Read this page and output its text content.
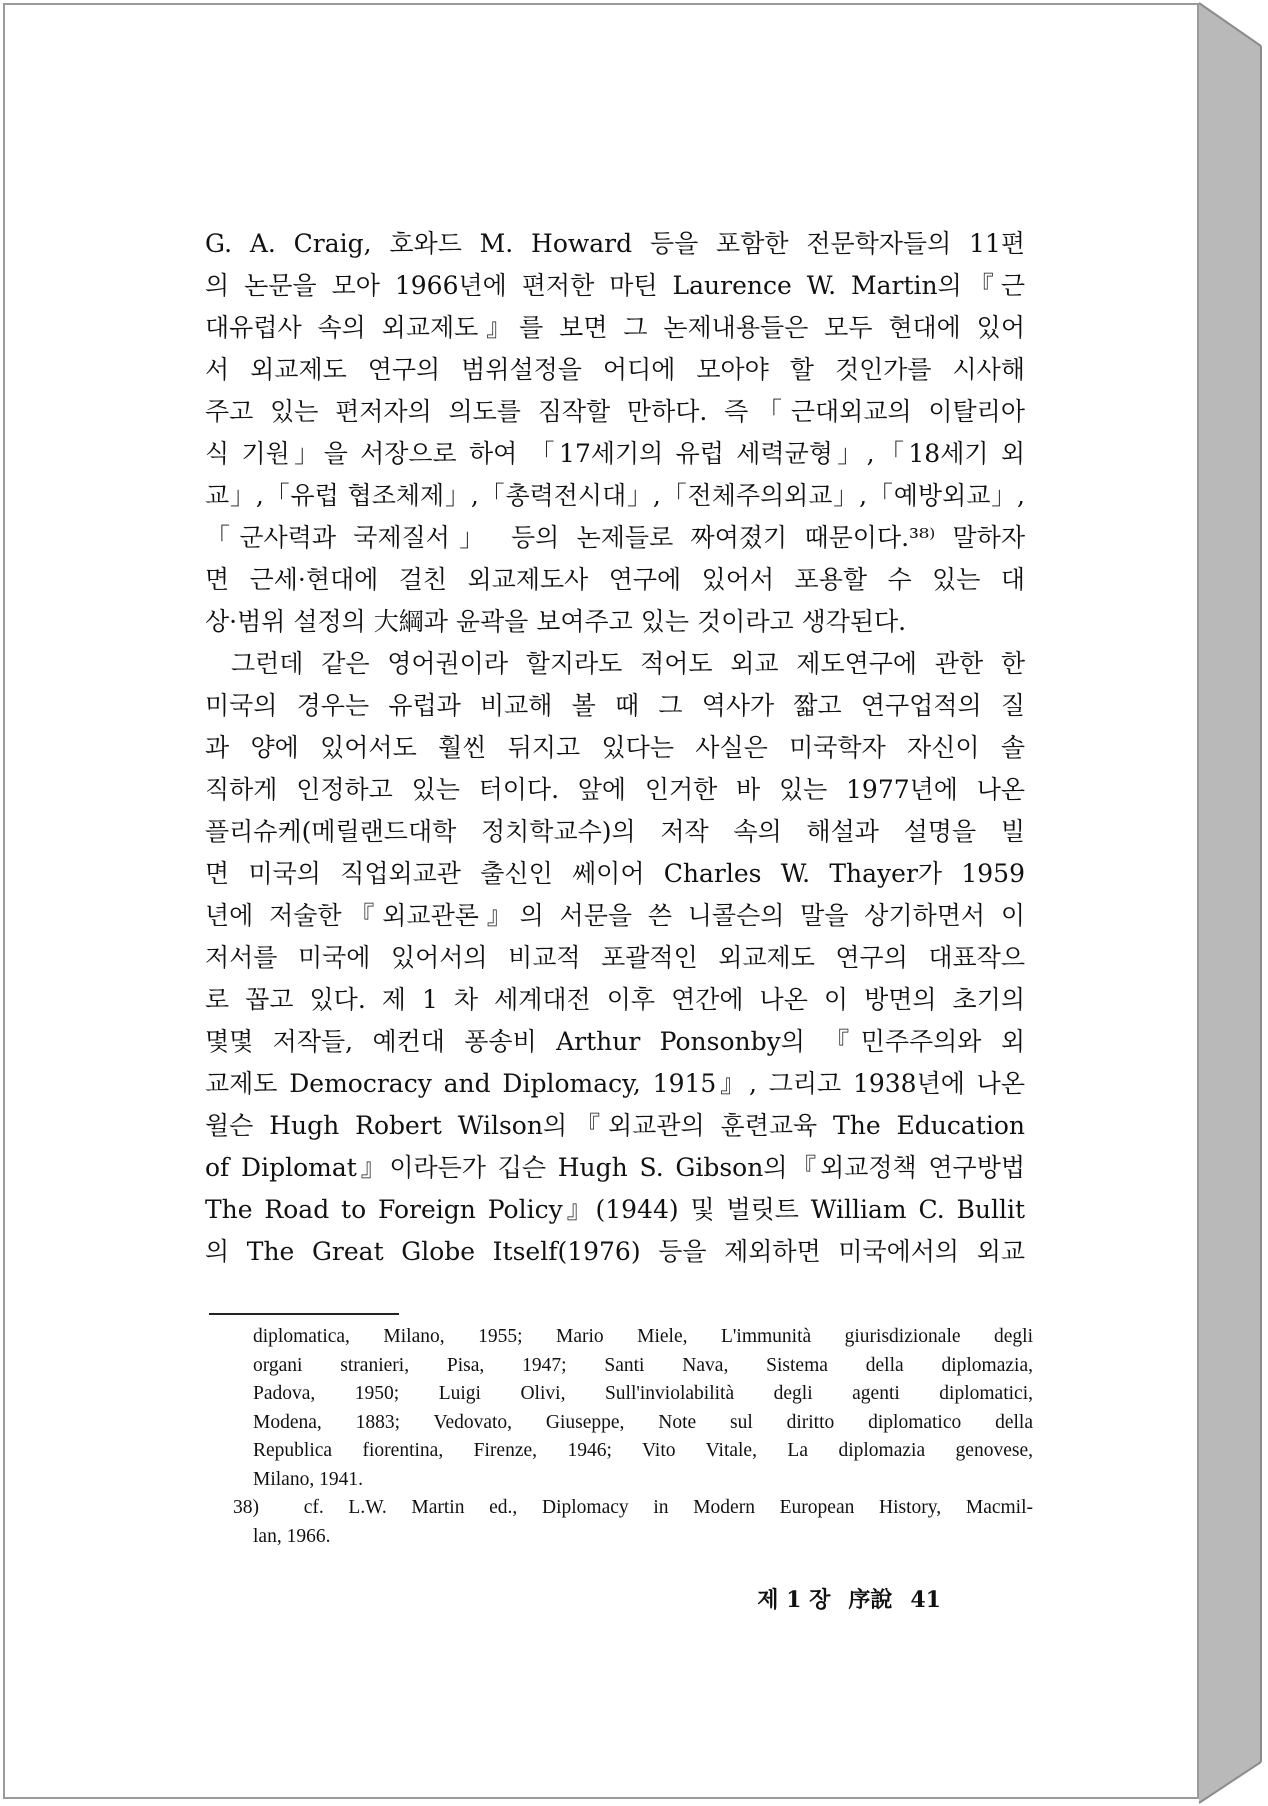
G. A. Craig, 호와드 M. Howard 등을 포함한 전문학자들의 11편
의 논문을 모아 1966년에 편저한 마틴 Laurence W. Martin의『근
대유럽사 속의 외교제도』를 보면 그 논제내용들은 모두 현대에 있어
서 외교제도 연구의 범위설정을 어디에 모아야 할 것인가를 시사해
주고 있는 편저자의 의도를 짐작할 만하다. 즉「근대외교의 이탈리아
식 기원」을 서장으로 하여 「17세기의 유럽 세력균형」,「18세기 외
교」,「유럽 협조체제」,「총력전시대」,「전체주의외교」,「예방외교」,
「군사력과 국제질서」 등의 논제들로 짜여졌기 때문이다.³⁸⁾ 말하자
면 근세·현대에 걸친 외교제도사 연구에 있어서 포용할 수 있는 대
상·범위 설정의 大綱과 윤곽을 보여주고 있는 것이라고 생각된다.
그런데 같은 영어권이라 할지라도 적어도 외교 제도연구에 관한 한
미국의 경우는 유럽과 비교해 볼 때 그 역사가 짧고 연구업적의 질
과 양에 있어서도 훨씬 뒤지고 있다는 사실은 미국학자 자신이 솔
직하게 인정하고 있는 터이다. 앞에 인거한 바 있는 1977년에 나온
플리슈케(메릴랜드대학 정치학교수)의 저작 속의 해설과 설명을 빌
면 미국의 직업외교관 출신인 쎄이어 Charles W. Thayer가 1959
년에 저술한『외교관론』의 서문을 쓴 니콜슨의 말을 상기하면서 이
저서를 미국에 있어서의 비교적 포괄적인 외교제도 연구의 대표작으
로 꼽고 있다. 제 1 차 세계대전 이후 연간에 나온 이 방면의 초기의
몇몇 저작들, 예컨대 퐁송비 Arthur Ponsonby의 『민주주의와 외
교제도 Democracy and Diplomacy, 1915』, 그리고 1938년에 나온
윌슨 Hugh Robert Wilson의『외교관의 훈련교육 The Education
of Diplomat』이라든가 깁슨 Hugh S. Gibson의『외교정책 연구방법
The Road to Foreign Policy』(1944) 및 벌릿트 William C. Bullit
의 The Great Globe Itself(1976) 등을 제외하면 미국에서의 외교
diplomatica, Milano, 1955; Mario Miele, L'immunità giurisdizionale degli
organi stranieri, Pisa, 1947; Santi Nava, Sistema della diplomazia,
Padova, 1950; Luigi Olivi, Sull'inviolabilità degli agenti diplomatici,
Modena, 1883; Vedovato, Giuseppe, Note sul diritto diplomatico della
Republica fiorentina, Firenze, 1946; Vito Vitale, La diplomazia genovese,
Milano, 1941.
38) cf. L.W. Martin ed., Diplomacy in Modern European History, Macmil-
lan, 1966.
제 1 장 序說 41
